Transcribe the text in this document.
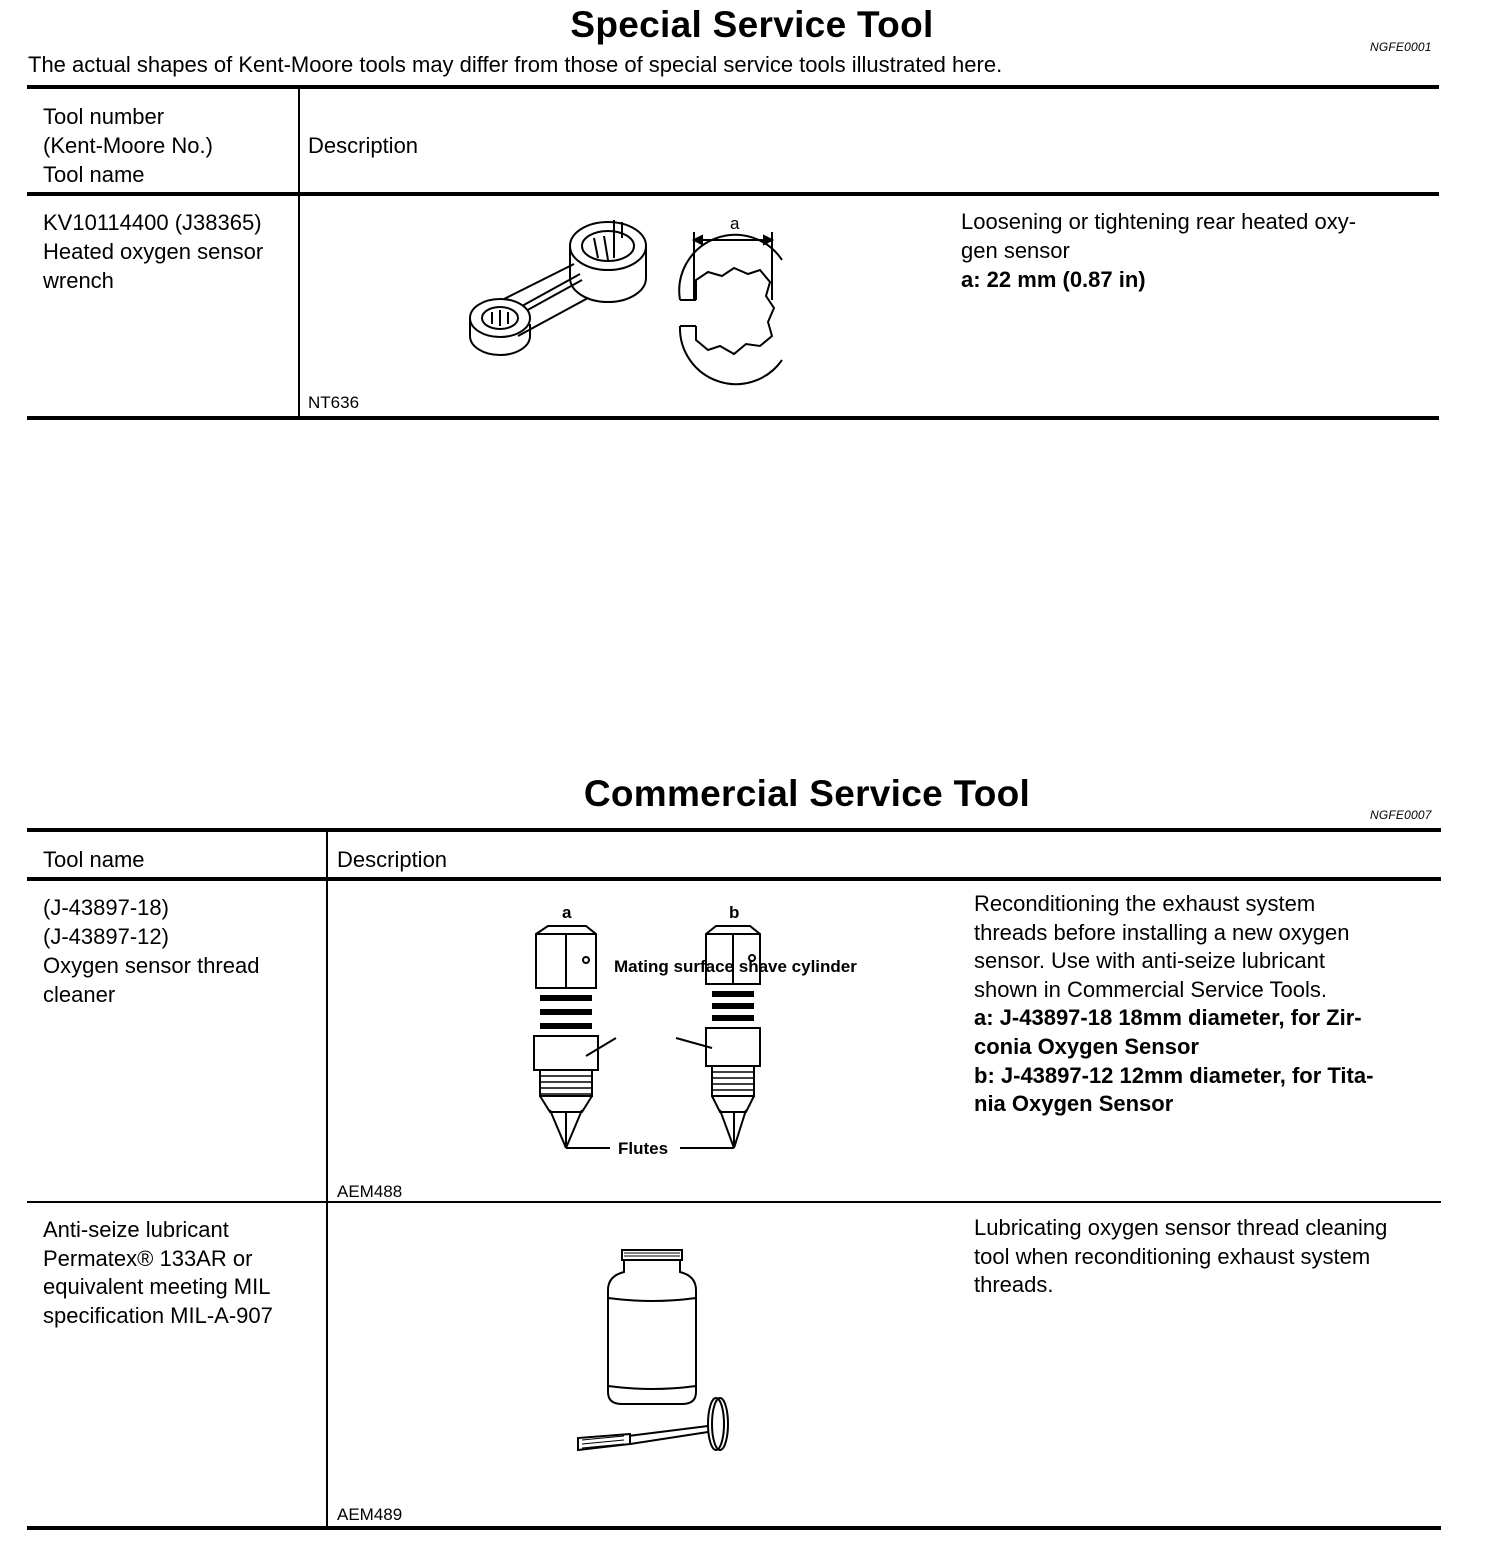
Special Service Tool
NGFE0001
The actual shapes of Kent-Moore tools may differ from those of special service tools illustrated here.
Tool number
(Kent-Moore No.)
Tool name
Description
KV10114400 (J38365)
Heated oxygen sensor
wrench
a
NT636
Loosening or tightening rear heated oxy-
gen sensor
a: 22 mm (0.87 in)
Commercial Service Tool
NGFE0007
Tool name	Description
(J-43897-18)
(J-43897-12)
Oxygen sensor thread
cleaner
a	b
Mating surface shave cylinder
Flutes
AEM488
Reconditioning the exhaust system
threads before installing a new oxygen
sensor. Use with anti-seize lubricant
shown in Commercial Service Tools.
a: J-43897-18 18mm diameter, for Zir-
conia Oxygen Sensor
b: J-43897-12 12mm diameter, for Tita-
nia Oxygen Sensor
Anti-seize lubricant
Permatex® 133AR or
equivalent meeting MIL
specification MIL-A-907
AEM489
Lubricating oxygen sensor thread cleaning
tool when reconditioning exhaust system
threads.
